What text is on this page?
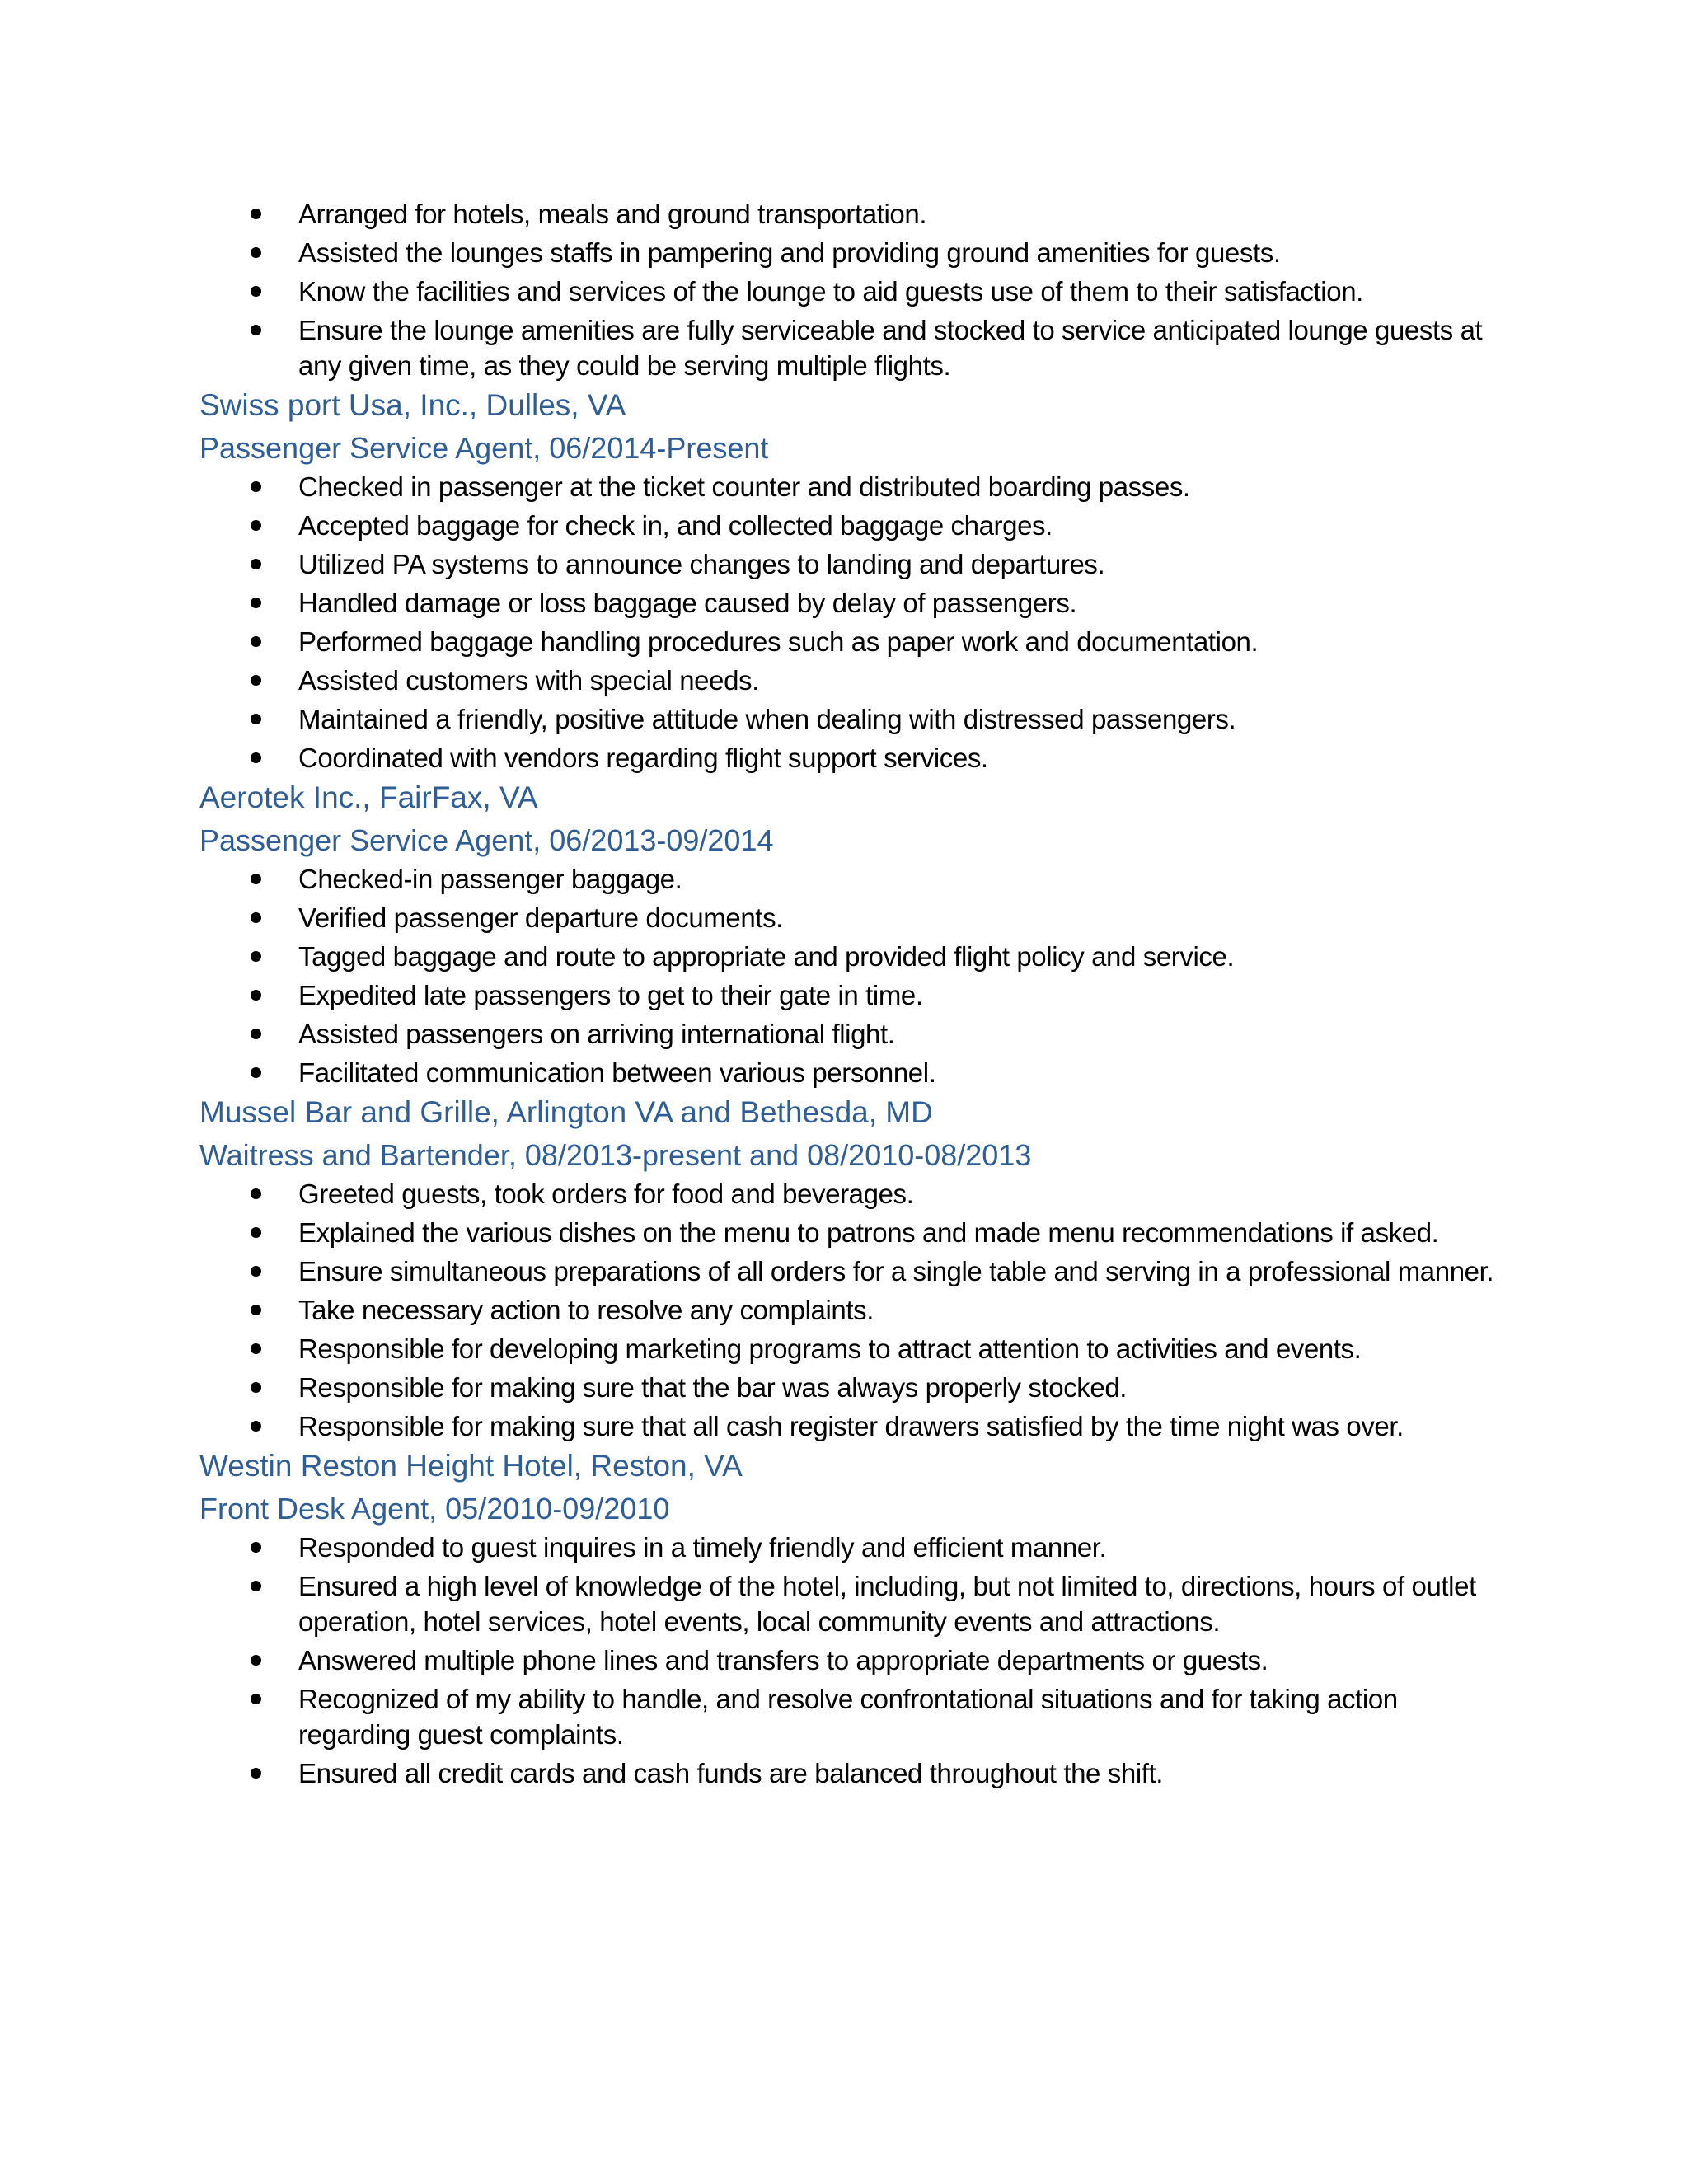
Arranged for hotels, meals and ground transportation.
Assisted the lounges staffs in pampering and providing ground amenities for guests.
Know the facilities and services of the lounge to aid guests use of them to their satisfaction.
Ensure the lounge amenities are fully serviceable and stocked to service anticipated lounge guests at any given time, as they could be serving multiple flights.
Swiss port Usa, Inc., Dulles, VA
Passenger Service Agent, 06/2014-Present
Checked in passenger at the ticket counter and distributed boarding passes.
Accepted baggage for check in, and collected baggage charges.
Utilized PA systems to announce changes to landing and departures.
Handled damage or loss baggage caused by delay of passengers.
Performed baggage handling procedures such as paper work and documentation.
Assisted customers with special needs.
Maintained a friendly, positive attitude when dealing with distressed passengers.
Coordinated with vendors regarding flight support services.
Aerotek Inc., FairFax, VA
Passenger Service Agent, 06/2013-09/2014
Checked-in passenger baggage.
Verified passenger departure documents.
Tagged baggage and route to appropriate and provided flight policy and service.
Expedited late passengers to get to their gate in time.
Assisted passengers on arriving international flight.
Facilitated communication between various personnel.
Mussel Bar and Grille, Arlington VA and Bethesda, MD
Waitress and Bartender, 08/2013-present and 08/2010-08/2013
Greeted guests, took orders for food and beverages.
Explained the various dishes on the menu to patrons and made menu recommendations if asked.
Ensure simultaneous preparations of all orders for a single table and serving in a professional manner.
Take necessary action to resolve any complaints.
Responsible for developing marketing programs to attract attention to activities and events.
Responsible for making sure that the bar was always properly stocked.
Responsible for making sure that all cash register drawers satisfied by the time night was over.
Westin Reston Height Hotel, Reston, VA
Front Desk Agent, 05/2010-09/2010
Responded to guest inquires in a timely friendly and efficient manner.
Ensured a high level of knowledge of the hotel, including, but not limited to, directions, hours of outlet operation, hotel services, hotel events, local community events and attractions.
Answered multiple phone lines and transfers to appropriate departments or guests.
Recognized of my ability to handle, and resolve confrontational situations and for taking action regarding guest complaints.
Ensured all credit cards and cash funds are balanced throughout the shift.
